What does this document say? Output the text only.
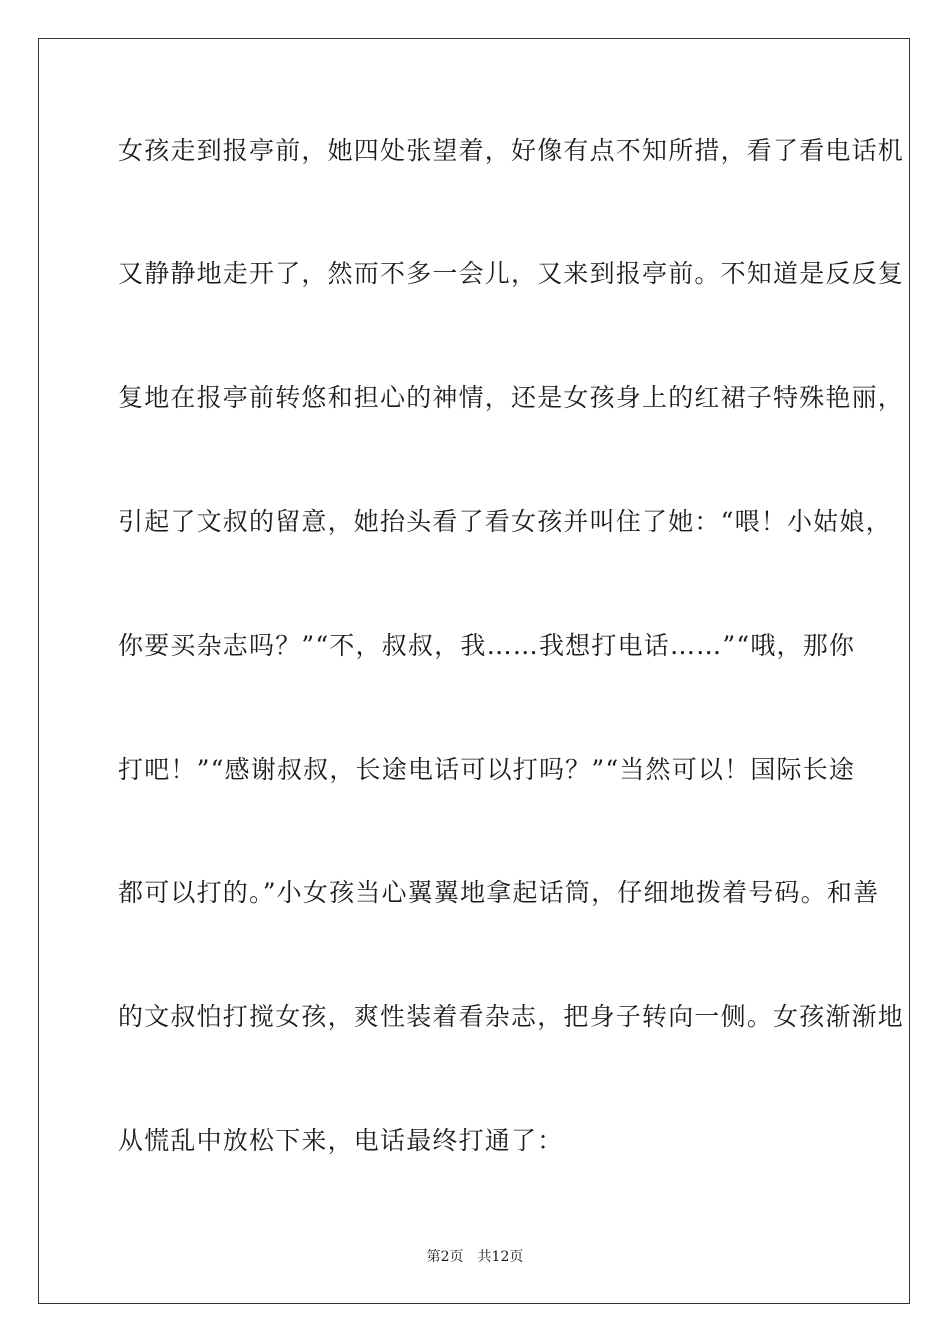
女孩走到报亭前，她四处张望着，好像有点不知所措，看了看电话机
又静静地走开了，然而不多一会儿，又来到报亭前。不知道是反反复
复地在报亭前转悠和担心的神情，还是女孩身上的红裙子特殊艳丽，
引起了文叔的留意，她抬头看了看女孩并叫住了她：“喂！小姑娘，
你要买杂志吗？”“不，叔叔，我……我想打电话……”“哦，那你
打吧！”“感谢叔叔，长途电话可以打吗？”“当然可以！国际长途
都可以打的。”小女孩当心翼翼地拿起话筒，仔细地拨着号码。和善
的文叔怕打搅女孩，爽性装着看杂志，把身子转向一侧。女孩渐渐地
从慌乱中放松下来，电话最终打通了：
第2页 共12页
